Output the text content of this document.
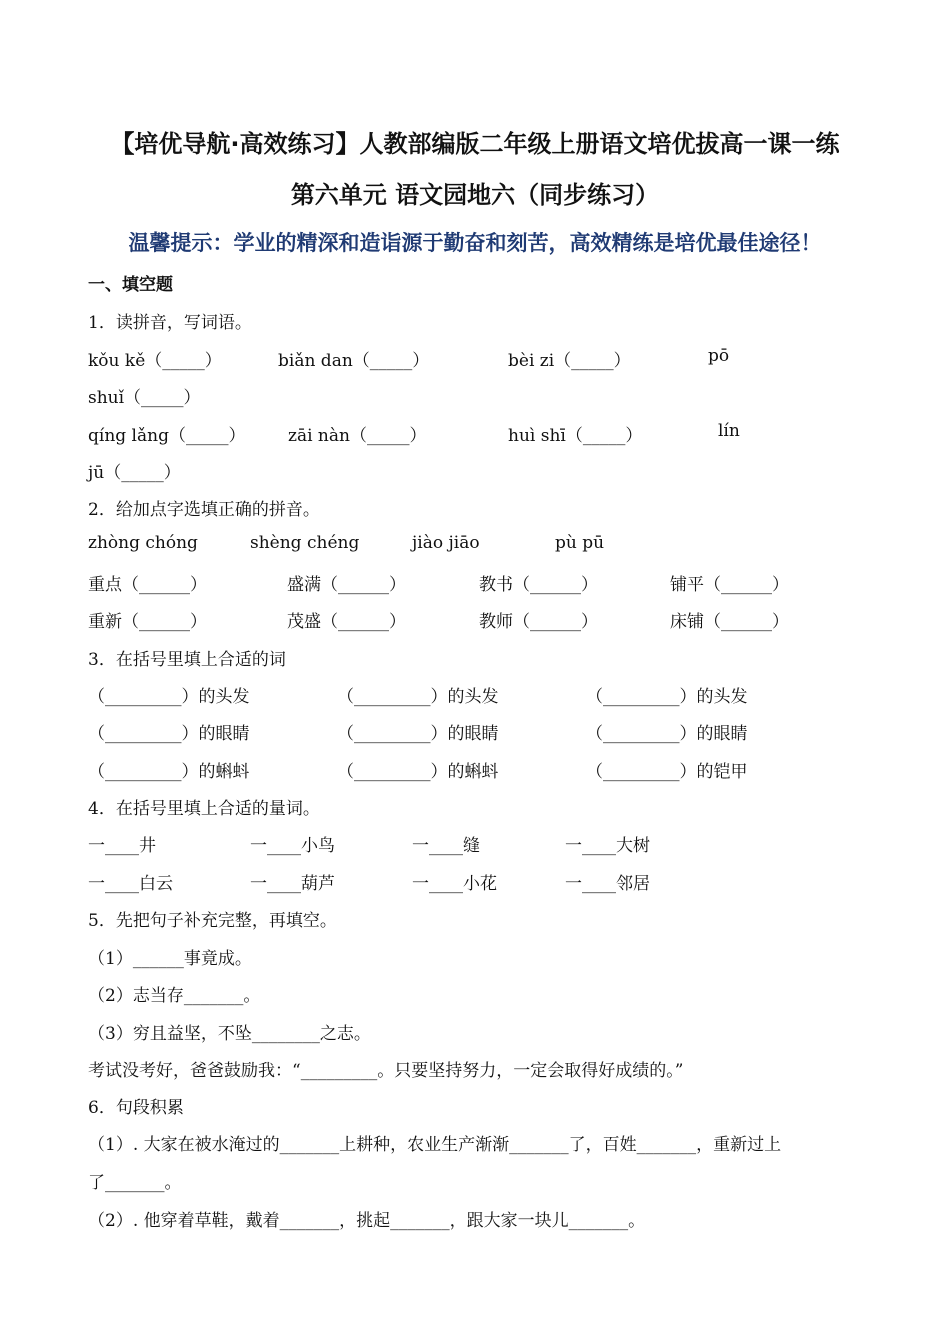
【培优导航·高效练习】人教部编版二年级上册语文培优拔高一课一练
第六单元 语文园地六（同步练习）
温馨提示：学业的精深和造诣源于勤奋和刻苦，高效精练是培优最佳途径！
一、填空题
1．读拼音，写词语。
kǒu kě（_____）	biǎn dan（_____）	bèi zi（_____）	pō
shuǐ（_____）
qíng lǎng（_____）	zāi nàn（_____）	huì shī（_____）	lín
jū（_____）
2．给加点字选填正确的拼音。
zhòng chóng	shèng chéng	jiào jiāo	pù pū
重点（______）	盛满（______）	教书（______）	铺平（______）
重新（______）	茂盛（______）	教师（______）	床铺（______）
3．在括号里填上合适的词
（_________）的头发	（_________）的头发	（_________）的头发
（_________）的眼睛	（_________）的眼睛	（_________）的眼睛
（_________）的蝌蚪	（_________）的蝌蚪	（_________）的铠甲
4．在括号里填上合适的量词。
一____井	一____小鸟	一____缝	一____大树
一____白云	一____葫芦	一____小花	一____邻居
5．先把句子补充完整，再填空。
（1）______事竟成。
（2）志当存_______。
（3）穷且益坚，不坠________之志。
考试没考好，爸爸鼓励我：“_________。只要坚持努力，一定会取得好成绩的。”
6．句段积累
（1）. 大家在被水淹过的_______上耕种，农业生产渐渐_______了，百姓_______，重新过上
了_______。
（2）. 他穿着草鞋，戴着_______，挑起_______，跟大家一块儿_______。
